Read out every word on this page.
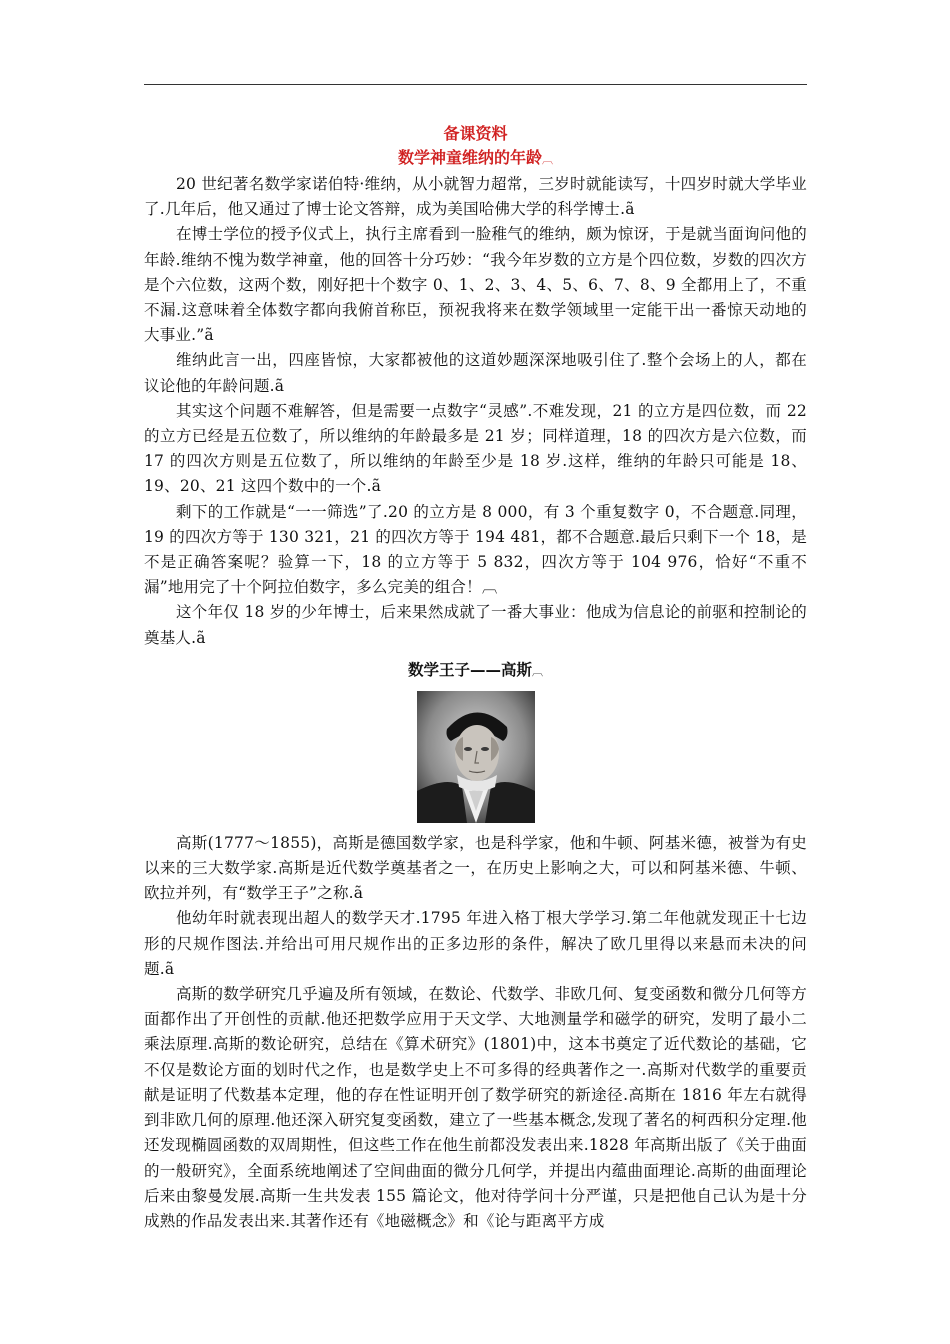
备课资料
数学神童维纳的年龄︹

20 世纪著名数学家诺伯特·维纳，从小就智力超常，三岁时就能读写，十四岁时就大学毕业了.几年后，他又通过了博士论文答辩，成为美国哈佛大学的科学博士.ã

在博士学位的授予仪式上，执行主席看到一脸稚气的维纳，颇为惊讶，于是就当面询问他的年龄.维纳不愧为数学神童，他的回答十分巧妙：“我今年岁数的立方是个四位数，岁数的四次方是个六位数，这两个数，刚好把十个数字 0、1、2、3、4、5、6、7、8、9 全都用上了，不重不漏.这意味着全体数字都向我俯首称臣，预祝我将来在数学领域里一定能干出一番惊天动地的大事业.”ã

维纳此言一出，四座皆惊，大家都被他的这道妙题深深地吸引住了.整个会场上的人，都在议论他的年龄问题.ã

其实这个问题不难解答，但是需要一点数字“灵感”.不难发现，21 的立方是四位数，而 22 的立方已经是五位数了，所以维纳的年龄最多是 21 岁；同样道理，18 的四次方是六位数，而 17 的四次方则是五位数了，所以维纳的年龄至少是 18 岁.这样，维纳的年龄只可能是 18、19、20、21 这四个数中的一个.ã

剩下的工作就是“一一筛选”了.20 的立方是 8 000，有 3 个重复数字 0，不合题意.同理，19 的四次方等于 130 321，21 的四次方等于 194 481，都不合题意.最后只剩下一个 18，是不是正确答案呢？验算一下，18 的立方等于 5 832，四次方等于 104 976，恰好“不重不漏”地用完了十个阿拉伯数字，多么完美的组合！︹

这个年仅 18 岁的少年博士，后来果然成就了一番大事业：他成为信息论的前驱和控制论的奠基人.ã

数学王子——高斯︹

高斯(1777～1855)，高斯是德国数学家，也是科学家，他和牛顿、阿基米德，被誉为有史以来的三大数学家.高斯是近代数学奠基者之一，在历史上影响之大，可以和阿基米德、牛顿、欧拉并列，有“数学王子”之称.ã

他幼年时就表现出超人的数学天才.1795 年进入格丁根大学学习.第二年他就发现正十七边形的尺规作图法.并给出可用尺规作出的正多边形的条件，解决了欧几里得以来悬而未决的问题.ã

高斯的数学研究几乎遍及所有领域，在数论、代数学、非欧几何、复变函数和微分几何等方面都作出了开创性的贡献.他还把数学应用于天文学、大地测量学和磁学的研究，发明了最小二乘法原理.高斯的数论研究，总结在《算术研究》(1801)中，这本书奠定了近代数论的基础，它不仅是数论方面的划时代之作，也是数学史上不可多得的经典著作之一.高斯对代数学的重要贡献是证明了代数基本定理，他的存在性证明开创了数学研究的新途径.高斯在 1816 年左右就得到非欧几何的原理.他还深入研究复变函数，建立了一些基本概念,发现了著名的柯西积分定理.他还发现椭圆函数的双周期性，但这些工作在他生前都没发表出来.1828 年高斯出版了《关于曲面的一般研究》，全面系统地阐述了空间曲面的微分几何学，并提出内蕴曲面理论.高斯的曲面理论后来由黎曼发展.高斯一生共发表 155 篇论文，他对待学问十分严谨，只是把他自己认为是十分成熟的作品发表出来.其著作还有《地磁概念》和《论与距离平方成
